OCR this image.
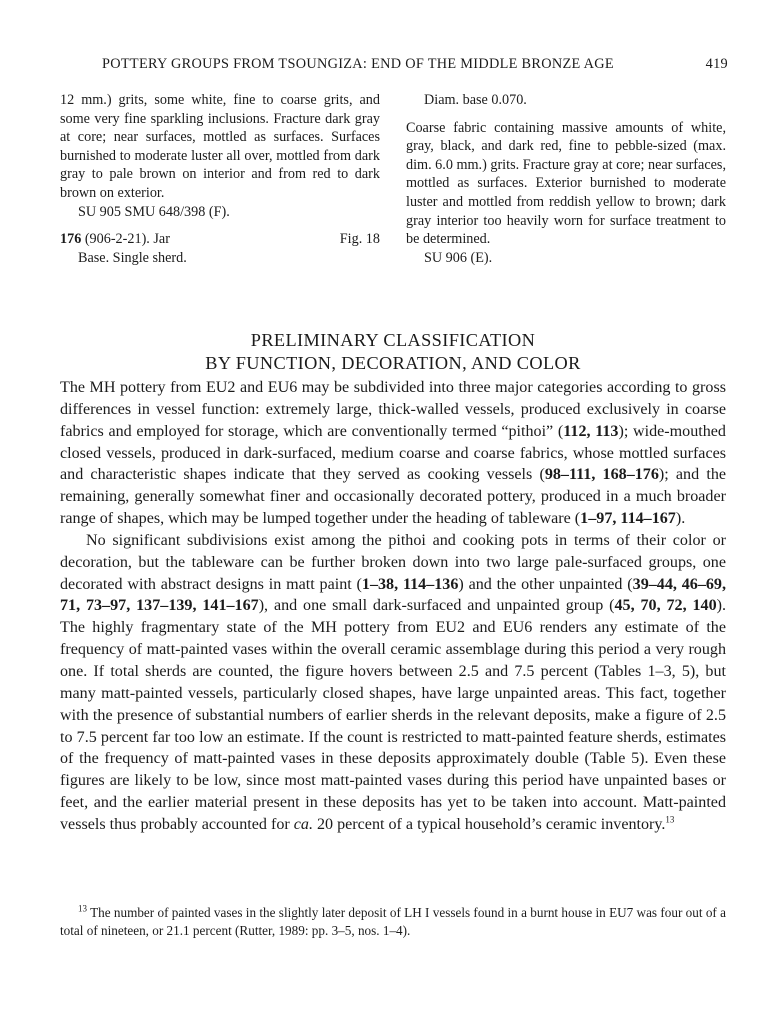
POTTERY GROUPS FROM TSOUNGIZA: END OF THE MIDDLE BRONZE AGE	419

12 mm.) grits, some white, fine to coarse grits, and some very fine sparkling inclusions. Fracture dark gray at core; near surfaces, mottled as surfaces. Surfaces burnished to moderate luster all over, mottled from dark gray to pale brown on interior and from red to dark brown on exterior.

SU 905 SMU 648/398 (F).

176 (906-2-21). Jar	Fig. 18

Base. Single sherd.

Diam. base 0.070.

Coarse fabric containing massive amounts of white, gray, black, and dark red, fine to pebble-sized (max. dim. 6.0 mm.) grits. Fracture gray at core; near surfaces, mottled as surfaces. Exterior burnished to moderate luster and mottled from reddish yellow to brown; dark gray interior too heavily worn for surface treatment to be determined.

SU 906 (E).

PRELIMINARY CLASSIFICATION
BY FUNCTION, DECORATION, AND COLOR

The MH pottery from EU2 and EU6 may be subdivided into three major categories according to gross differences in vessel function: extremely large, thick-walled vessels, produced exclusively in coarse fabrics and employed for storage, which are conventionally termed “pithoi” (112, 113); wide-mouthed closed vessels, produced in dark-surfaced, medium coarse and coarse fabrics, whose mottled surfaces and characteristic shapes indicate that they served as cooking vessels (98–111, 168–176); and the remaining, generally somewhat finer and occasionally decorated pottery, produced in a much broader range of shapes, which may be lumped together under the heading of tableware (1–97, 114–167).

No significant subdivisions exist among the pithoi and cooking pots in terms of their color or decoration, but the tableware can be further broken down into two large pale-surfaced groups, one decorated with abstract designs in matt paint (1–38, 114–136) and the other unpainted (39–44, 46–69, 71, 73–97, 137–139, 141–167), and one small dark-surfaced and unpainted group (45, 70, 72, 140). The highly fragmentary state of the MH pottery from EU2 and EU6 renders any estimate of the frequency of matt-painted vases within the overall ceramic assemblage during this period a very rough one. If total sherds are counted, the figure hovers between 2.5 and 7.5 percent (Tables 1–3, 5), but many matt-painted vessels, particularly closed shapes, have large unpainted areas. This fact, together with the presence of substantial numbers of earlier sherds in the relevant deposits, make a figure of 2.5 to 7.5 percent far too low an estimate. If the count is restricted to matt-painted feature sherds, estimates of the frequency of matt-painted vases in these deposits approximately double (Table 5). Even these figures are likely to be low, since most matt-painted vases during this period have unpainted bases or feet, and the earlier material present in these deposits has yet to be taken into account. Matt-painted vessels thus probably accounted for ca. 20 percent of a typical household’s ceramic inventory.$^{13}$

$^{13}$ The number of painted vases in the slightly later deposit of LH I vessels found in a burnt house in EU7 was four out of a total of nineteen, or 21.1 percent (Rutter, 1989: pp. 3–5, nos. 1–4).
